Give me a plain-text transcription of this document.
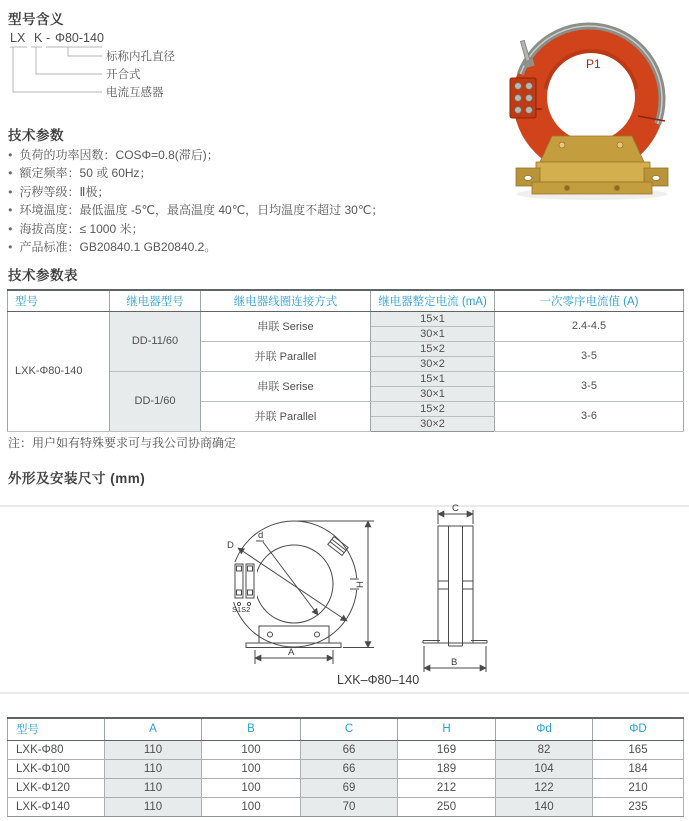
型号含义
LX K - Φ80-140
标称内孔直径
开合式
电流互感器
P1
技术参数
● 负荷的功率因数：COSΦ=0.8(滞后)；
● 额定频率：50 或 60Hz；
● 污秽等级：Ⅱ极；
● 环境温度：最低温度 -5℃，最高温度 40℃，日均温度不超过 30℃；
● 海拔高度：≤ 1000 米；
● 产品标准：GB20840.1 GB20840.2。
技术参数表
型号	继电器型号	继电器线圈连接方式	继电器整定电流 (mA)	一次零序电流值 (A)
LXK-Φ80-140	DD-11/60	串联 Serise	15×1	2.4-4.5
			30×1	
		并联 Parallel	15×2	3-5
			30×2	
	DD-1/60	串联 Serise	15×1	3-5
			30×1	
		并联 Parallel	15×2	3-6
			30×2	
注：用户如有特殊要求可与我公司协商确定
外形及安装尺寸 (mm)
D
d
H
A
C
B
S1S2
LXK–Φ80–140
型号	A	B	C	H	Φd	ΦD
LXK-Φ80	110	100	66	169	82	165
LXK-Φ100	110	100	66	189	104	184
LXK-Φ120	110	100	69	212	122	210
LXK-Φ140	110	100	70	250	140	235
